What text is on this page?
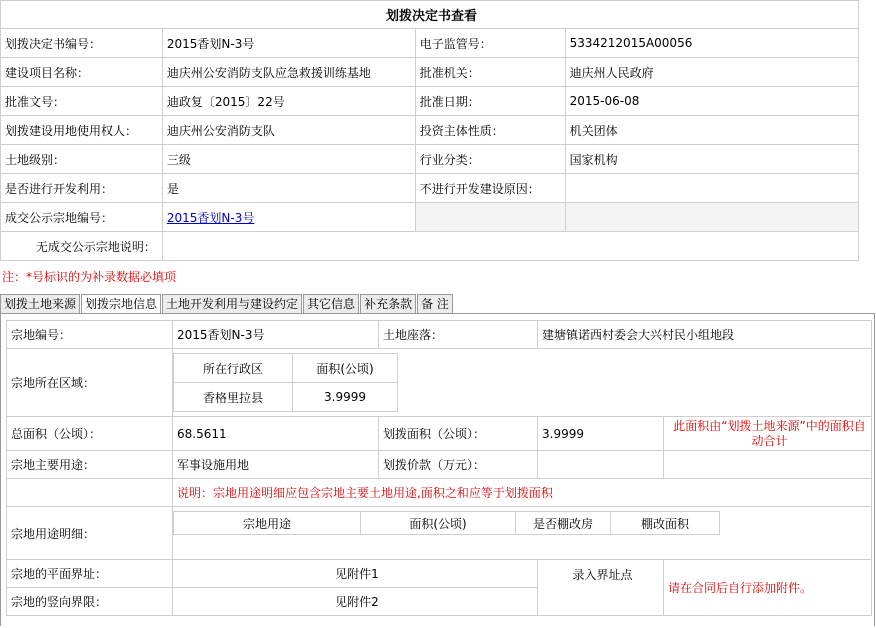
划拨决定书查看			
划拨决定书编号：	2015香划N-3号	电子监管号：	5334212015A00056
建设项目名称：	迪庆州公安消防支队应急救援训练基地	批准机关：	迪庆州人民政府
批准文号：	迪政复〔2015〕22号	批准日期：	2015-06-08
划拨建设用地使用权人：	迪庆州公安消防支队	投资主体性质：	机关团体
土地级别：	三级	行业分类：	国家机构
是否进行开发利用：	是	不进行开发建设原因：	
成交公示宗地编号：	2015香划N-3号		
无成交公示宗地说明：			
注：*号标识的为补录数据必填项
划拨土地来源 划拨宗地信息 土地开发利用与建设约定 其它信息 补充条款 备 注
宗地编号：	2015香划N-3号	土地座落：	建塘镇诺西村委会大兴村民小组地段
宗地所在区域：	
所在行政区	面积(公顷)
香格里拉县	3.9999

总面积（公顷）：	68.5611	划拨面积（公顷）：	3.9999	此面积由“划拨土地来源”中的面积自动合计
宗地主要用途：	军事设施用地	划拨价款（万元）：		
	说明：宗地用途明细应包含宗地主要土地用途,面积之和应等于划拨面积
宗地用途明细：	
宗地用途	面积(公顷)	是否棚改房	棚改面积

宗地的平面界址：	见附件1	录入界址点	请在合同后自行添加附件。
宗地的竖向界限：	见附件2
